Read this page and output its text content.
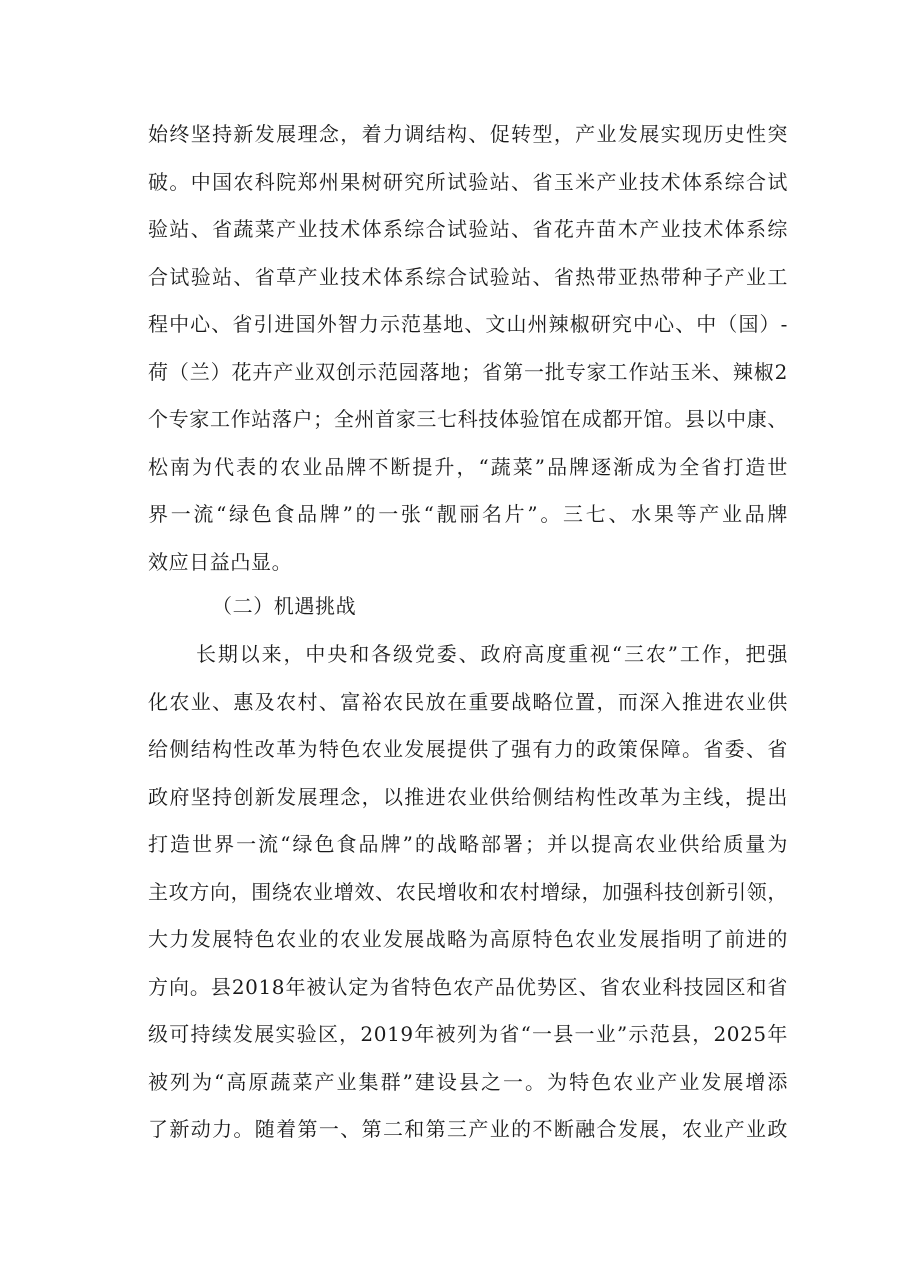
始终坚持新发展理念，着力调结构、促转型，产业发展实现历史性突
破。中国农科院郑州果树研究所试验站、省玉米产业技术体系综合试
验站、省蔬菜产业技术体系综合试验站、省花卉苗木产业技术体系综
合试验站、省草产业技术体系综合试验站、省热带亚热带种子产业工
程中心、省引进国外智力示范基地、文山州辣椒研究中心、中（国）-
荷（兰）花卉产业双创示范园落地；省第一批专家工作站玉米、辣椒2
个专家工作站落户；全州首家三七科技体验馆在成都开馆。县以中康、
松南为代表的农业品牌不断提升，“蔬菜”品牌逐渐成为全省打造世
界一流“绿色食品牌”的一张“靓丽名片”。三七、水果等产业品牌
效应日益凸显。
（二）机遇挑战
长期以来，中央和各级党委、政府高度重视“三农”工作，把强
化农业、惠及农村、富裕农民放在重要战略位置，而深入推进农业供
给侧结构性改革为特色农业发展提供了强有力的政策保障。省委、省
政府坚持创新发展理念，以推进农业供给侧结构性改革为主线，提出
打造世界一流“绿色食品牌”的战略部署；并以提高农业供给质量为
主攻方向，围绕农业增效、农民增收和农村增绿，加强科技创新引领，
大力发展特色农业的农业发展战略为高原特色农业发展指明了前进的
方向。县2018年被认定为省特色农产品优势区、省农业科技园区和省
级可持续发展实验区，2019年被列为省“一县一业”示范县，2025年
被列为“高原蔬菜产业集群”建设县之一。为特色农业产业发展增添
了新动力。随着第一、第二和第三产业的不断融合发展，农业产业政
